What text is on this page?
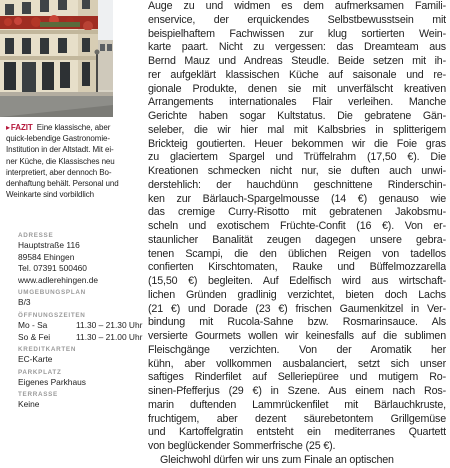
▸FAZIT Eine klassische, aber
quick-lebendige Gastronomie-
Institution in der Altstadt. Mit ei-
ner Küche, die Klassisches neu
interpretiert, aber dennoch Bo-
denhaftung behält. Personal und
Weinkarte sind vorbildlich
ADRESSE
Hauptstraße 116
89584 Ehingen
Tel. 07391 500460
www.adlerehingen.de
UMGEBUNGSPLAN
B/3
ÖFFNUNGSZEITEN
Mo - Sa	11.30 – 21.30 Uhr
So & Fei	11.30 – 21.00 Uhr
KREDITKARTEN
EC-Karte
PARKPLATZ
Eigenes Parkhaus
TERRASSE
Keine
Auge zu und widmen es dem aufmerksamen Famili-
enservice, der erquickendes Selbstbewusstsein mit
beispielhaftem Fachwissen zur klug sortierten Wein-
karte paart. Nicht zu vergessen: das Dreamteam aus
Bernd Mauz und Andreas Steudle. Beide setzen mit ih-
rer aufgeklärt klassischen Küche auf saisonale und re-
gionale Produkte, denen sie mit unverfälscht kreativen
Arrangements internationales Flair verleihen. Manche
Gerichte haben sogar Kultstatus. Die gebratene Gän-
seleber, die wir hier mal mit Kalbsbries in splitterigem
Brickteig goutierten. Heuer bekommen wir die Foie gras
zu glaciertem Spargel und Trüffelrahm (17,50 €). Die
Kreationen schmecken nicht nur, sie duften auch unwi-
derstehlich: der hauchdünn geschnittene Rinderschin-
ken zur Bärlauch-Spargelmousse (14 €) genauso wie
das cremige Curry-Risotto mit gebratenen Jakobsmu-
scheln und exotischem Früchte-Confit (16 €). Von er-
staunlicher Banalität zeugen dagegen unsere gebra-
tenen Scampi, die den üblichen Reigen von tadellos
confierten Kirschtomaten, Rauke und Büffelmozzarella
(15,50 €) begleiten. Auf Edelfisch wird aus wirtschaft-
lichen Gründen gradlinig verzichtet, bieten doch Lachs
(21 €) und Dorade (23 €) frischen Gaumenkitzel in Ver-
bindung mit Rucola-Sahne bzw. Rosmarinsauce. Als
versierte Gourmets wollen wir keinesfalls auf die sublimen
Fleischgänge verzichten. Von der Aromatik her
kühn, aber vollkommen ausbalanciert, setzt sich unser
saftiges Rinderfilet auf Selleriepüree und mutigem Ro-
sinen-Pfefferjus (29 €) in Szene. Aus einem nach Ros-
marin duftenden Lammrückenfilet mit Bärlauchkruste,
fruchtigem, aber dezent säurebetontem Grillgemüse
und Kartoffelgratin entsteht ein mediterranes Quartett
von beglückender Sommerfrische (25 €).
Gleichwohl dürfen wir uns zum Finale an optischen
